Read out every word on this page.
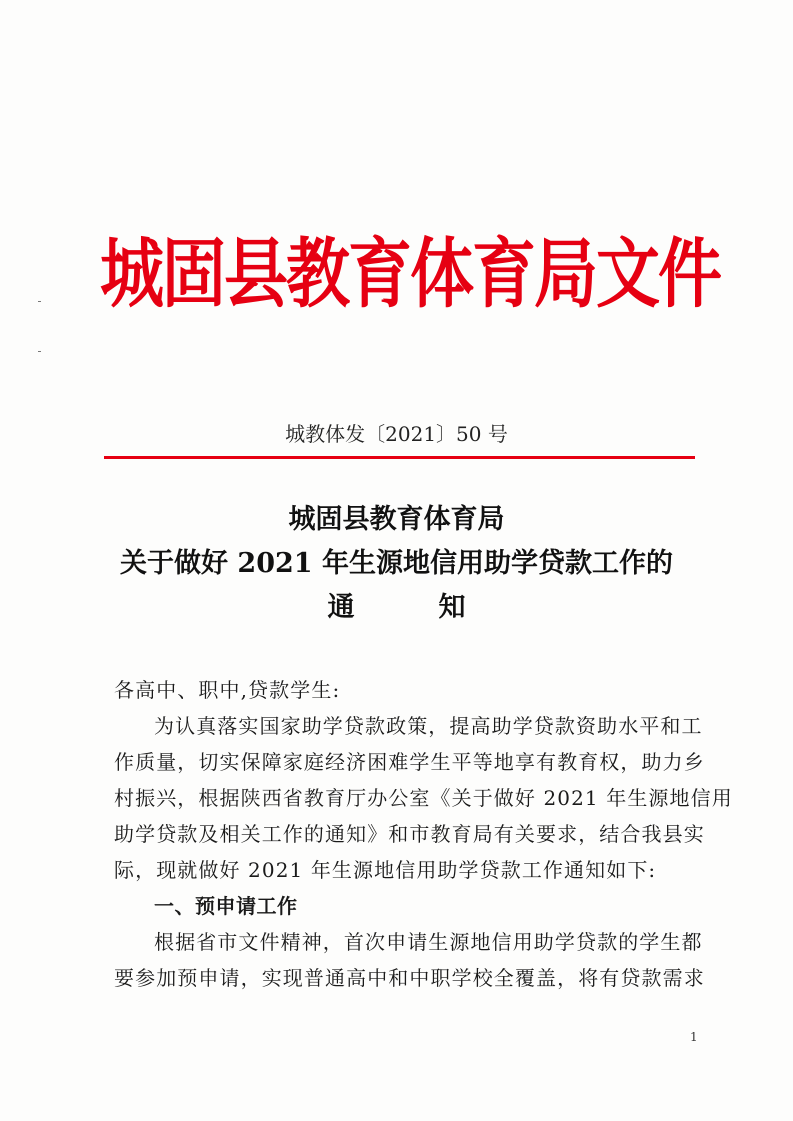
城固县教育体育局文件
城教体发〔2021〕50 号
城固县教育体育局
关于做好 2021 年生源地信用助学贷款工作的
通	知
各高中、职中,贷款学生:
为认真落实国家助学贷款政策，提高助学贷款资助水平和工
作质量，切实保障家庭经济困难学生平等地享有教育权，助力乡
村振兴，根据陕西省教育厅办公室《关于做好 2021 年生源地信用
助学贷款及相关工作的通知》和市教育局有关要求，结合我县实
际，现就做好 2021 年生源地信用助学贷款工作通知如下:
一、预申请工作
根据省市文件精神，首次申请生源地信用助学贷款的学生都
要参加预申请，实现普通高中和中职学校全覆盖，将有贷款需求
1
